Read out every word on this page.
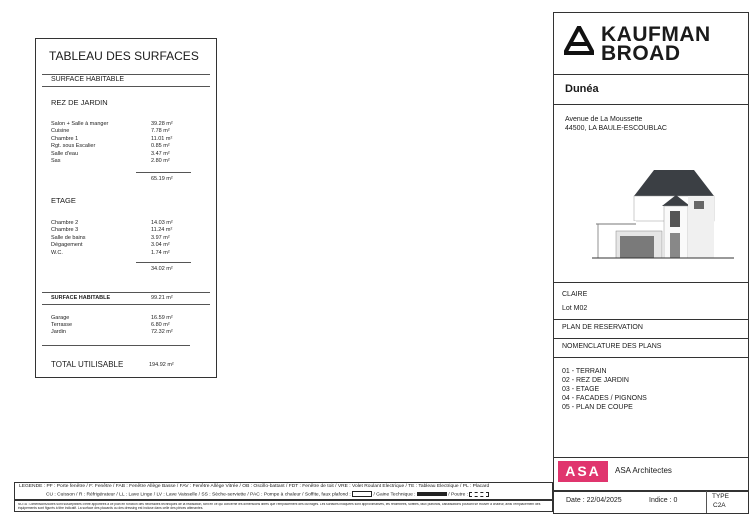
TABLEAU DES SURFACES
SURFACE HABITABLE
REZ DE JARDIN
Salon + Salle à manger	39.28 m²
Cuisine	7.78 m²
Chambre 1	11.01 m²
Rgt. sous Escalier	0.85 m²
Salle d'eau	3.47 m²
Sas	2.80 m²
65.19 m²
ETAGE
Chambre 2	14.03 m²
Chambre 3	11.24 m²
Salle de bains	3.97 m²
Dégagement	3.04 m²
W.C.	1.74 m²
34.02 m²
SURFACE HABITABLE	99.21 m²
Garage	16.59 m²
Terrasse	6.80 m²
Jardin	72.32 m²
TOTAL UTILISABLE	194.92 m²
KAUFMAN
BROAD
Dunéa
Avenue de La Moussette
44500, LA BAULE-ESCOUBLAC
CLAIRE
Lot M02
PLAN DE RESERVATION
NOMENCLATURE DES PLANS
01 - TERRAIN
02 - REZ DE JARDIN
03 - ETAGE
04 - FACADES / PIGNONS
05 - PLAN DE COUPE
ASA	ASA Architectes
LEGENDE : PF : Porte fenêtre / F: Fenêtre / FAB : Fenêtre Allège Basse / FAV : Fenêtre Allège Vitrée / OB : Oscillo-battant / FDT : Fenêtre de toit / VRE : Volet Roulant Electrique / TE : Tableau Electrique / PL : Placard
CU : Cuisson / R : Réfrigérateur / LL : Lave Linge / LV : Lave Vaisselle / SS : Sèche-serviette / PAC : Pompe à chaleur / Soffite, faux plafond :	/ Gaine Technique :	/ Poutre :
NOTA : Dimensions/côtes sont susceptibles d'être apportées à ce plan en fonction des nécessités techniques de la réalisation, tant en ce qui concerne les dimensions libres que l'emplacement des ouvrages. Les surfaces indiquées sont approximatives, les retombées, soffites, faux plafonds, canalisations pouvant se trouver à chaleur, ainsi l'emplacement des équipements sont figurés à titre indicatif. La surface des placards ou des dressing est incluse dans celle des pièces attenantes.
Date : 22/04/2025	Indice : 0
TYPE
C2A
